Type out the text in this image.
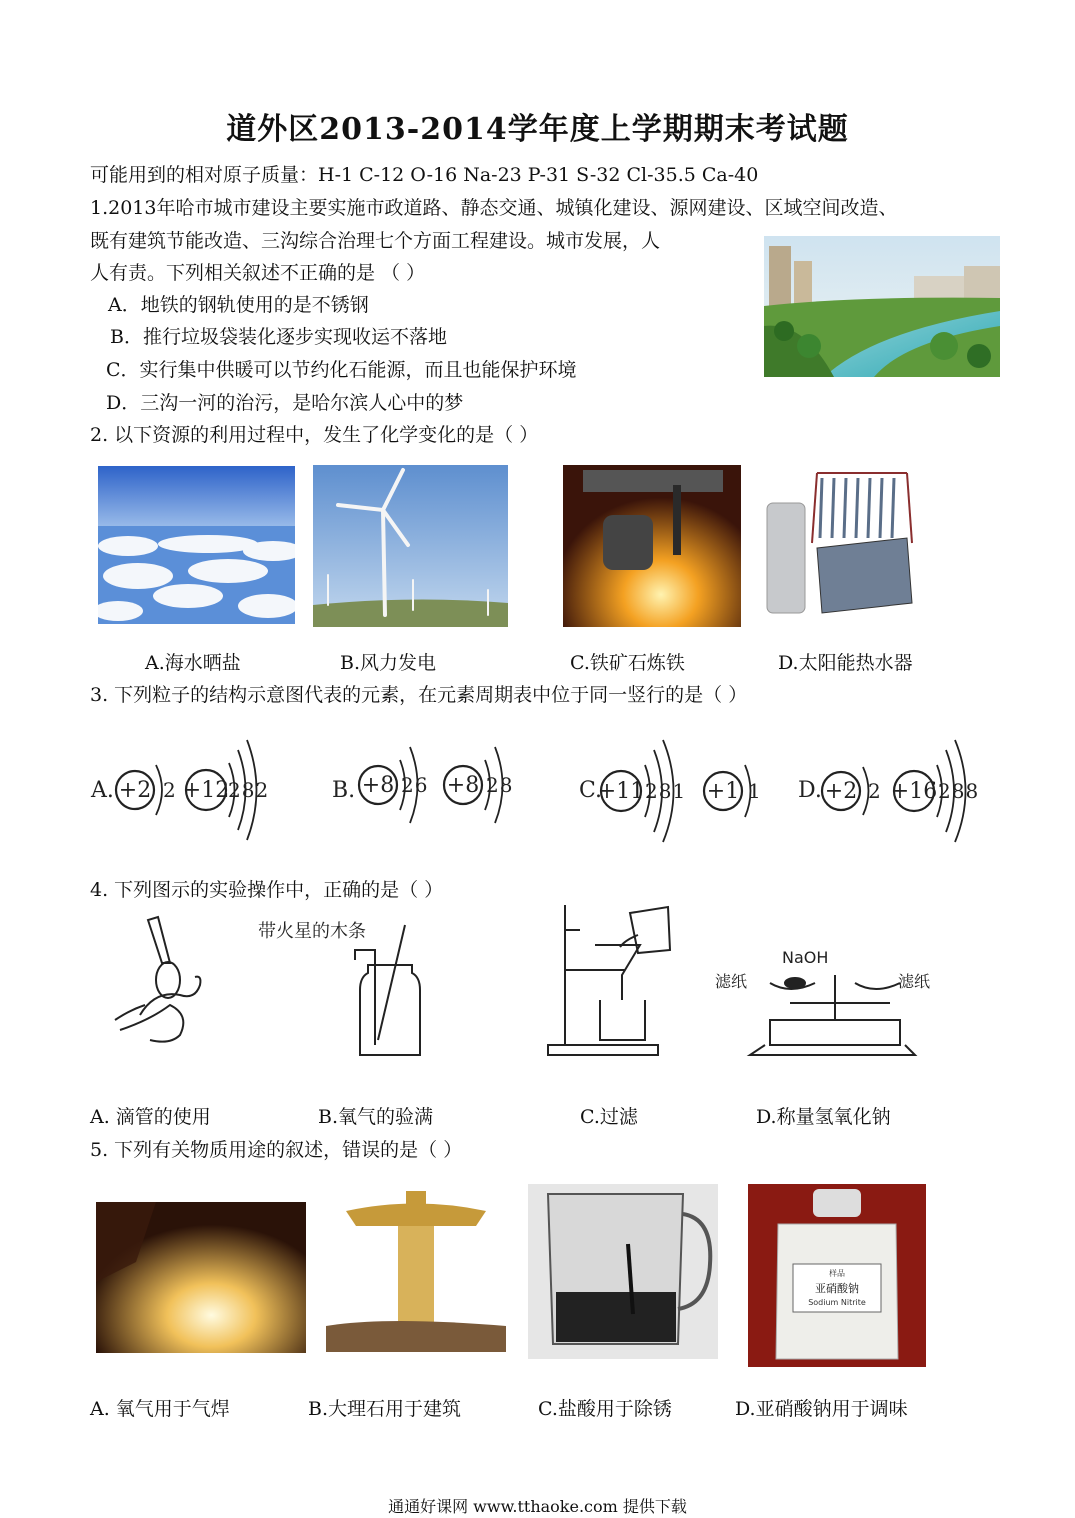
道外区2013-2014学年度上学期期末考试题
可能用到的相对原子质量：H-1 C-12 O-16 Na-23 P-31 S-32 Cl-35.5 Ca-40
1.2013年哈市城市建设主要实施市政道路、静态交通、城镇化建设、源网建设、区域空间改造、
既有建筑节能改造、三沟综合治理七个方面工程建设。城市发展，人
人有责。下列相关叙述不正确的是 （ ）
A．地铁的钢轨使用的是不锈钢
B．推行垃圾袋装化逐步实现收运不落地
C．实行集中供暖可以节约化石能源，而且也能保护环境
D．三沟一河的治污，是哈尔滨人心中的梦
2. 以下资源的利用过程中，发生了化学变化的是（ ）
A.海水晒盐	B.风力发电	C.铁矿石炼铁	D.太阳能热水器
3. 下列粒子的结构示意图代表的元素，在元素周期表中位于同一竖行的是（ ）
A. +2 2 +12
282	B. +8 26 +8 28	C.
+11 281 +1 1 D. +2 2 +16 288
4. 下列图示的实验操作中，正确的是（ ）
带火星的木条
NaOH
滤纸	滤纸
A. 滴管的使用	B.氧气的验满	C.过滤	D.称量氢氧化钠
5. 下列有关物质用途的叙述，错误的是（ ）
样品
亚硝酸钠
Sodium Nitrite
A. 氧气用于气焊	B.大理石用于建筑	C.盐酸用于除锈	D.亚硝酸钠用于调味
通通好课网 www.tthaoke.com 提供下载
